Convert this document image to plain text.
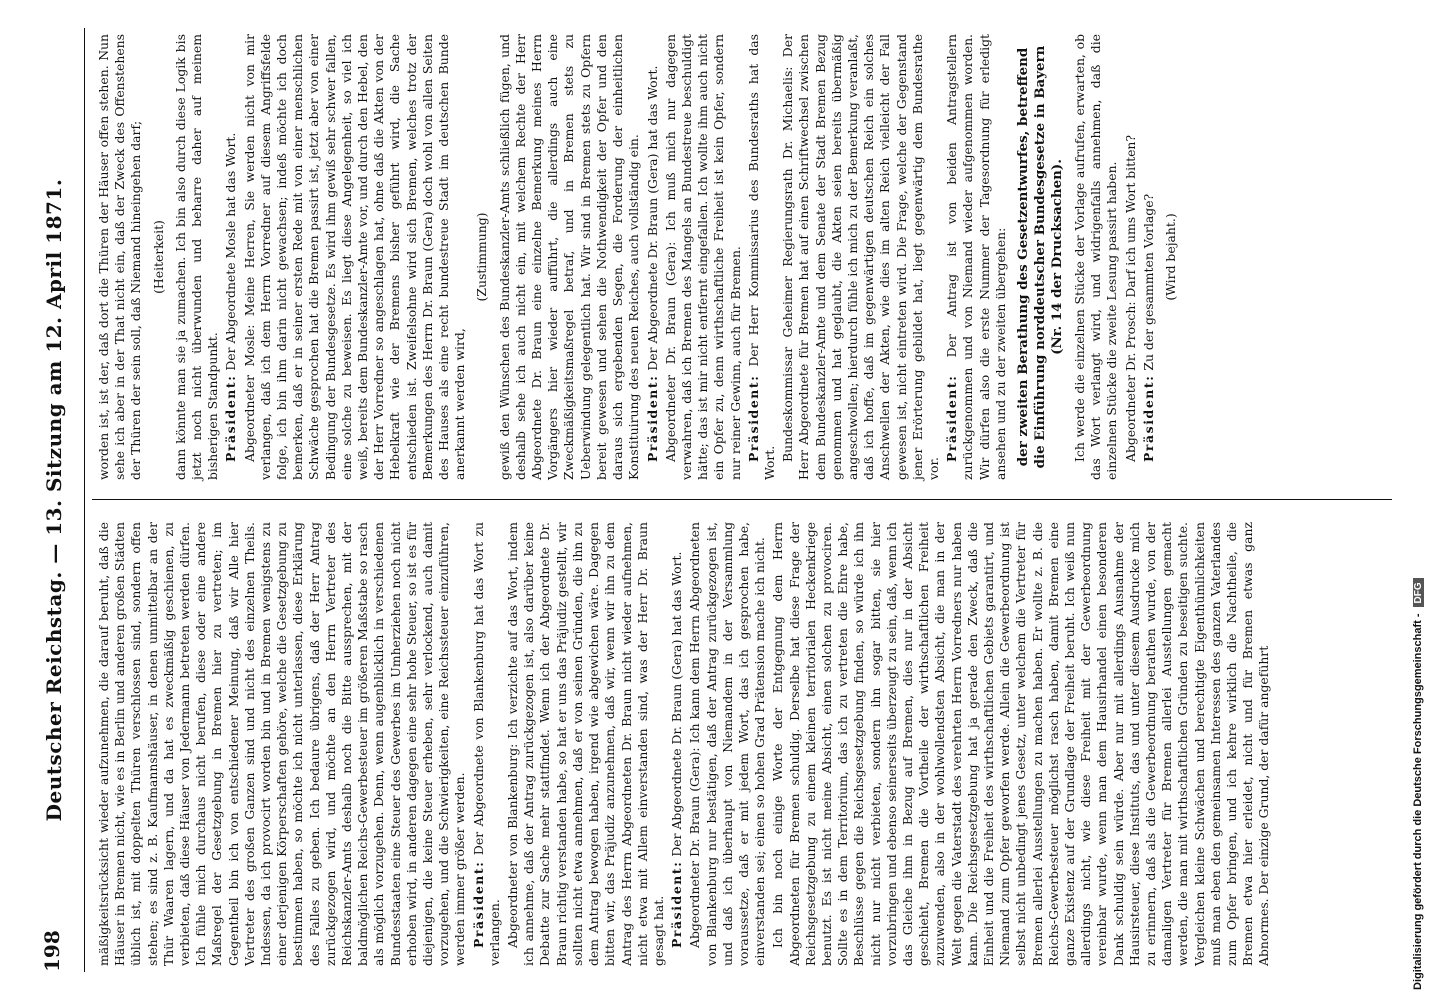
198
Deutscher Reichstag. — 13. Sitzung am 12. April 1871. mäßigkeitsrücksicht wieder aufzunehmen, die darauf beruht, daß die Häuser in Bremen nicht, wie es in Berlin und anderen großen Städten üblich ist, mit doppelten Thüren verschlossen sind, sondern offen stehen; es sind z. B. Kaufmannshäuser, in denen unmittelbar an der Thür Waaren lagern, und da hat es zweckmäßig geschienen, zu verbieten, daß diese Häuser von Jedermann betreten werden dürfen. Ich fühle mich durchaus nicht berufen, diese oder eine andere Maßregel der Gesetzgebung in Bremen hier zu vertreten; im Gegentheil bin ich von entschiedener Meinung, daß wir Alle hier Vertreter des großen Ganzen sind und nicht des einzelnen Theils. Indessen, da ich provocirt worden bin und in Bremen wenigstens zu einer derjenigen Körperschaften gehöre, welche die Gesetzgebung zu bestimmen haben, so möchte ich nicht unterlassen, diese Erklärung des Falles zu geben. Ich bedaure übrigens, daß der Herr Antrag zurückgezogen wird, und möchte an den Herrn Vertreter des Reichskanzler-Amts deshalb noch die Bitte aussprechen, mit der baldmöglichen Reichs-Gewerbesteuer im größeren Maßstabe so rasch als möglich vorzugehen. Denn, wenn augenblicklich in verschiedenen Bundesstaaten eine Steuer des Gewerbes im Umherziehen noch nicht erhoben wird, in anderen dagegen eine sehr hohe Steuer, so ist es für diejenigen, die keine Steuer erheben, sehr verlockend, auch damit vorzugehen, und die Schwierigkeiten, eine Reichssteuer einzuführen, werden immer größer werden. Präsident: Der Abgeordnete von Blankenburg hat das Wort zu verlangen. Abgeordneter von Blankenburg: Ich verzichte auf das Wort, indem ich annehme, daß der Antrag zurückgezogen ist, also darüber keine Debatte zur Sache mehr stattfindet. Wenn ich der Abgeordnete Dr. Braun richtig verstanden habe, so hat er uns das Präjudiz gestellt, wir sollten nicht etwa annehmen, daß er von seinen Gründen, die ihn zu dem Antrag bewogen haben, irgend wie abgewichen wäre. Dagegen bitten wir, das Präjudiz anzunehmen, daß wir, wenn wir ihn zu dem Antrag des Herrn Abgeordneten Dr. Braun nicht wieder aufnehmen, nicht etwa mit Allem einverstanden sind, was der Herr Dr. Braun gesagt hat. Präsident: Der Abgeordnete Dr. Braun (Gera) hat das Wort. Abgeordneter Dr. Braun (Gera): Ich kann dem Herrn Abgeordneten von Blankenburg nur bestätigen, daß der Antrag zurückgezogen ist, und daß ich überhaupt von Niemandem in der Versammlung voraussetze, daß er mit jedem Wort, das ich gesprochen habe, einverstanden sei; einen so hohen Grad Prätension mache ich nicht. Ich bin noch einige Worte der Entgegnung dem Herrn Abgeordneten für Bremen schuldig. Derselbe hat diese Frage der Reichsgesetzgebung zu einem kleinen territorialen Heckenkriege benutzt. Es ist nicht meine Absicht, einen solchen zu provociren. Sollte es in dem Territorium, das ich zu vertreten die Ehre habe, Beschlüsse gegen die Reichsgesetzgebung finden, so würde ich ihn nicht nur nicht verbieten, sondern ihn sogar bitten, sie hier vorzubringen und ebenso seinerseits überzeugt zu sein, daß, wenn ich das Gleiche ihm in Bezug auf Bremen, dies nur in der Absicht geschieht, Bremen die Vortheile der wirthschaftlichen Freiheit zuzuwenden, also in der wohlwollendsten Absicht, die man in der Welt gegen die Vaterstadt des verehrten Herrn Vorredners nur haben kann. Die Reichsgesetzgebung hat ja gerade den Zweck, daß die Einheit und die Freiheit des wirthschaftlichen Gebiets garantirt, und Niemand zum Opfer geworfen werde. Allein die Gewerbeordnung ist selbst nicht unbedingt jenes Gesetz, unter welchem die Vertreter für Bremen allerlei Ausstellungen zu machen haben. Er wollte z. B. die Reichs-Gewerbesteuer möglichst rasch haben, damit Bremen eine ganze Existenz auf der Grundlage der Freiheit beruht. Ich weiß nun allerdings nicht, wie diese Freiheit mit der Gewerbeordnung vereinbar wurde, wenn man dem Hausirhandel einen besonderen Dank schuldig sein würde. Aber nur mit allerdings Ausnahme der Hausirsteuer, diese Instituts, das und unter diesem Ausdrucke mich zu erinnern, daß als die Gewerbeordnung berathen wurde, von der damaligen Vertreter für Bremen allerlei Ausstellungen gemacht werden, die man mit wirthschaftlichen Gründen zu beseitigen suchte. Vergleichen kleine Schwächen und berechtigte Eigenthümlichkeiten muß man eben den gemeinsamen Interessen des ganzen Vaterlandes zum Opfer bringen, und ich kehre wirklich die Nachtheile, die Bremen etwa hier erleidet, nicht und für Bremen etwas ganz Abnormes. Der einzige Grund, der dafür angeführt

worden ist, ist der, daß dort die Thüren der Häuser offen stehen. Nun sehe ich aber in der That nicht ein, daß der Zweck des Offenstehens der Thüren der sein soll, daß Niemand hineingehen darf; (Heiterkeit) dann könnte man sie ja zumachen. Ich bin also durch diese Logik bis jetzt noch nicht überwunden und beharre daher auf meinem bisherigen Standpunkt. Präsident: Der Abgeordnete Mosle hat das Wort. Abgeordneter Mosle: Meine Herren, Sie werden nicht von mir verlangen, daß ich dem Herrn Vorredner auf diesem Angriffsfelde folge, ich bin ihm darin nicht gewachsen; indeß möchte ich doch bemerken, daß er in seiner ersten Rede mit von einer menschlichen Schwäche gesprochen hat die Bremen passirt ist, jetzt aber von einer Bedingung der Bundesgesetze. Es wird ihm gewiß sehr schwer fallen, eine solche zu beweisen. Es liegt diese Angelegenheit, so viel ich weiß, bereits dem Bundeskanzler-Amte vor, und durch den Hebel, den der Herr Vorredner so angeschlagen hat, ohne daß die Akten von der Hebelkraft wie der Bremens bisher geführt wird, die Sache entschieden ist. Zweifelsohne wird sich Bremen, welches trotz der Bemerkungen des Herrn Dr. Braun (Gera) doch wohl von allen Seiten des Hauses als eine recht bundestreue Stadt im deutschen Bunde anerkannt werden wird,

(Zustimmung) gewiß den Wünschen des Bundeskanzler-Amts schließlich fügen, und deshalb sehe ich auch nicht ein, mit welchem Rechte der Herr Abgeordnete Dr. Braun eine einzelne Bemerkung meines Herrn Vorgängers hier wieder aufführt, die allerdings auch eine Zweckmäßigkeitsmaßregel betraf, und in Bremen stets zu Ueberwindung gelegentlich hat. Wir sind in Bremen stets zu Opfern bereit gewesen und sehen die Nothwendigkeit der Opfer und den daraus sich ergebenden Segen, die Forderung der einheitlichen Konstituirung des neuen Reiches, auch vollständig ein. Präsident: Der Abgeordnete Dr. Braun (Gera) hat das Wort. Abgeordneter Dr. Braun (Gera): Ich muß mich nur dagegen verwahren, daß ich Bremen des Mangels an Bundestreue beschuldigt hätte; das ist mir nicht entfernt eingefallen. Ich wollte ihm auch nicht ein Opfer zu, denn wirthschaftliche Freiheit ist kein Opfer, sondern nur reiner Gewinn, auch für Bremen. Präsident: Der Herr Kommissarius des Bundesraths hat das Wort.

Bundeskommissar Geheimer Regierungsrath Dr. Michaelis: Der Herr Abgeordnete für Bremen hat auf einen Schriftwechsel zwischen dem Bundeskanzler-Amte und dem Senate der Stadt Bremen Bezug genommen und hat geglaubt, die Akten seien bereits übermäßig angeschwollen; hierdurch fühle ich mich zu der Bemerkung veranlaßt, daß ich hoffe, daß im gegenwärtigen deutschen Reich ein solches Anschwellen der Akten, wie dies im alten Reich vielleicht der Fall gewesen ist, nicht eintreten wird. Die Frage, welche der Gegenstand jener Erörterung gebildet hat, liegt gegenwärtig dem Bundesrathe vor.

Präsident: Der Antrag ist von beiden Antragstellern zurückgenommen und von Niemand wieder aufgenommen worden. Wir dürfen also die erste Nummer der Tagesordnung für erledigt ansehen und zu der zweiten übergehen: der zweiten Berathung des Gesetzentwurfes, betreffend die Einführung norddeutscher Bundesgesetze in Bayern (Nr. 14 der Drucksachen). Ich werde die einzelnen Stücke der Vorlage aufrufen, erwarten, ob das Wort verlangt wird, und widrigenfalls annehmen, daß die einzelnen Stücke die zweite Lesung passirt haben. Abgeordneter Dr. Prosch: Darf ich ums Wort bitten? Präsident: Zu der gesammten Vorlage? (Wird bejaht.)

Digitalisierung gefördert durch die Deutsche Forschungsgemeinschaft -DFG
